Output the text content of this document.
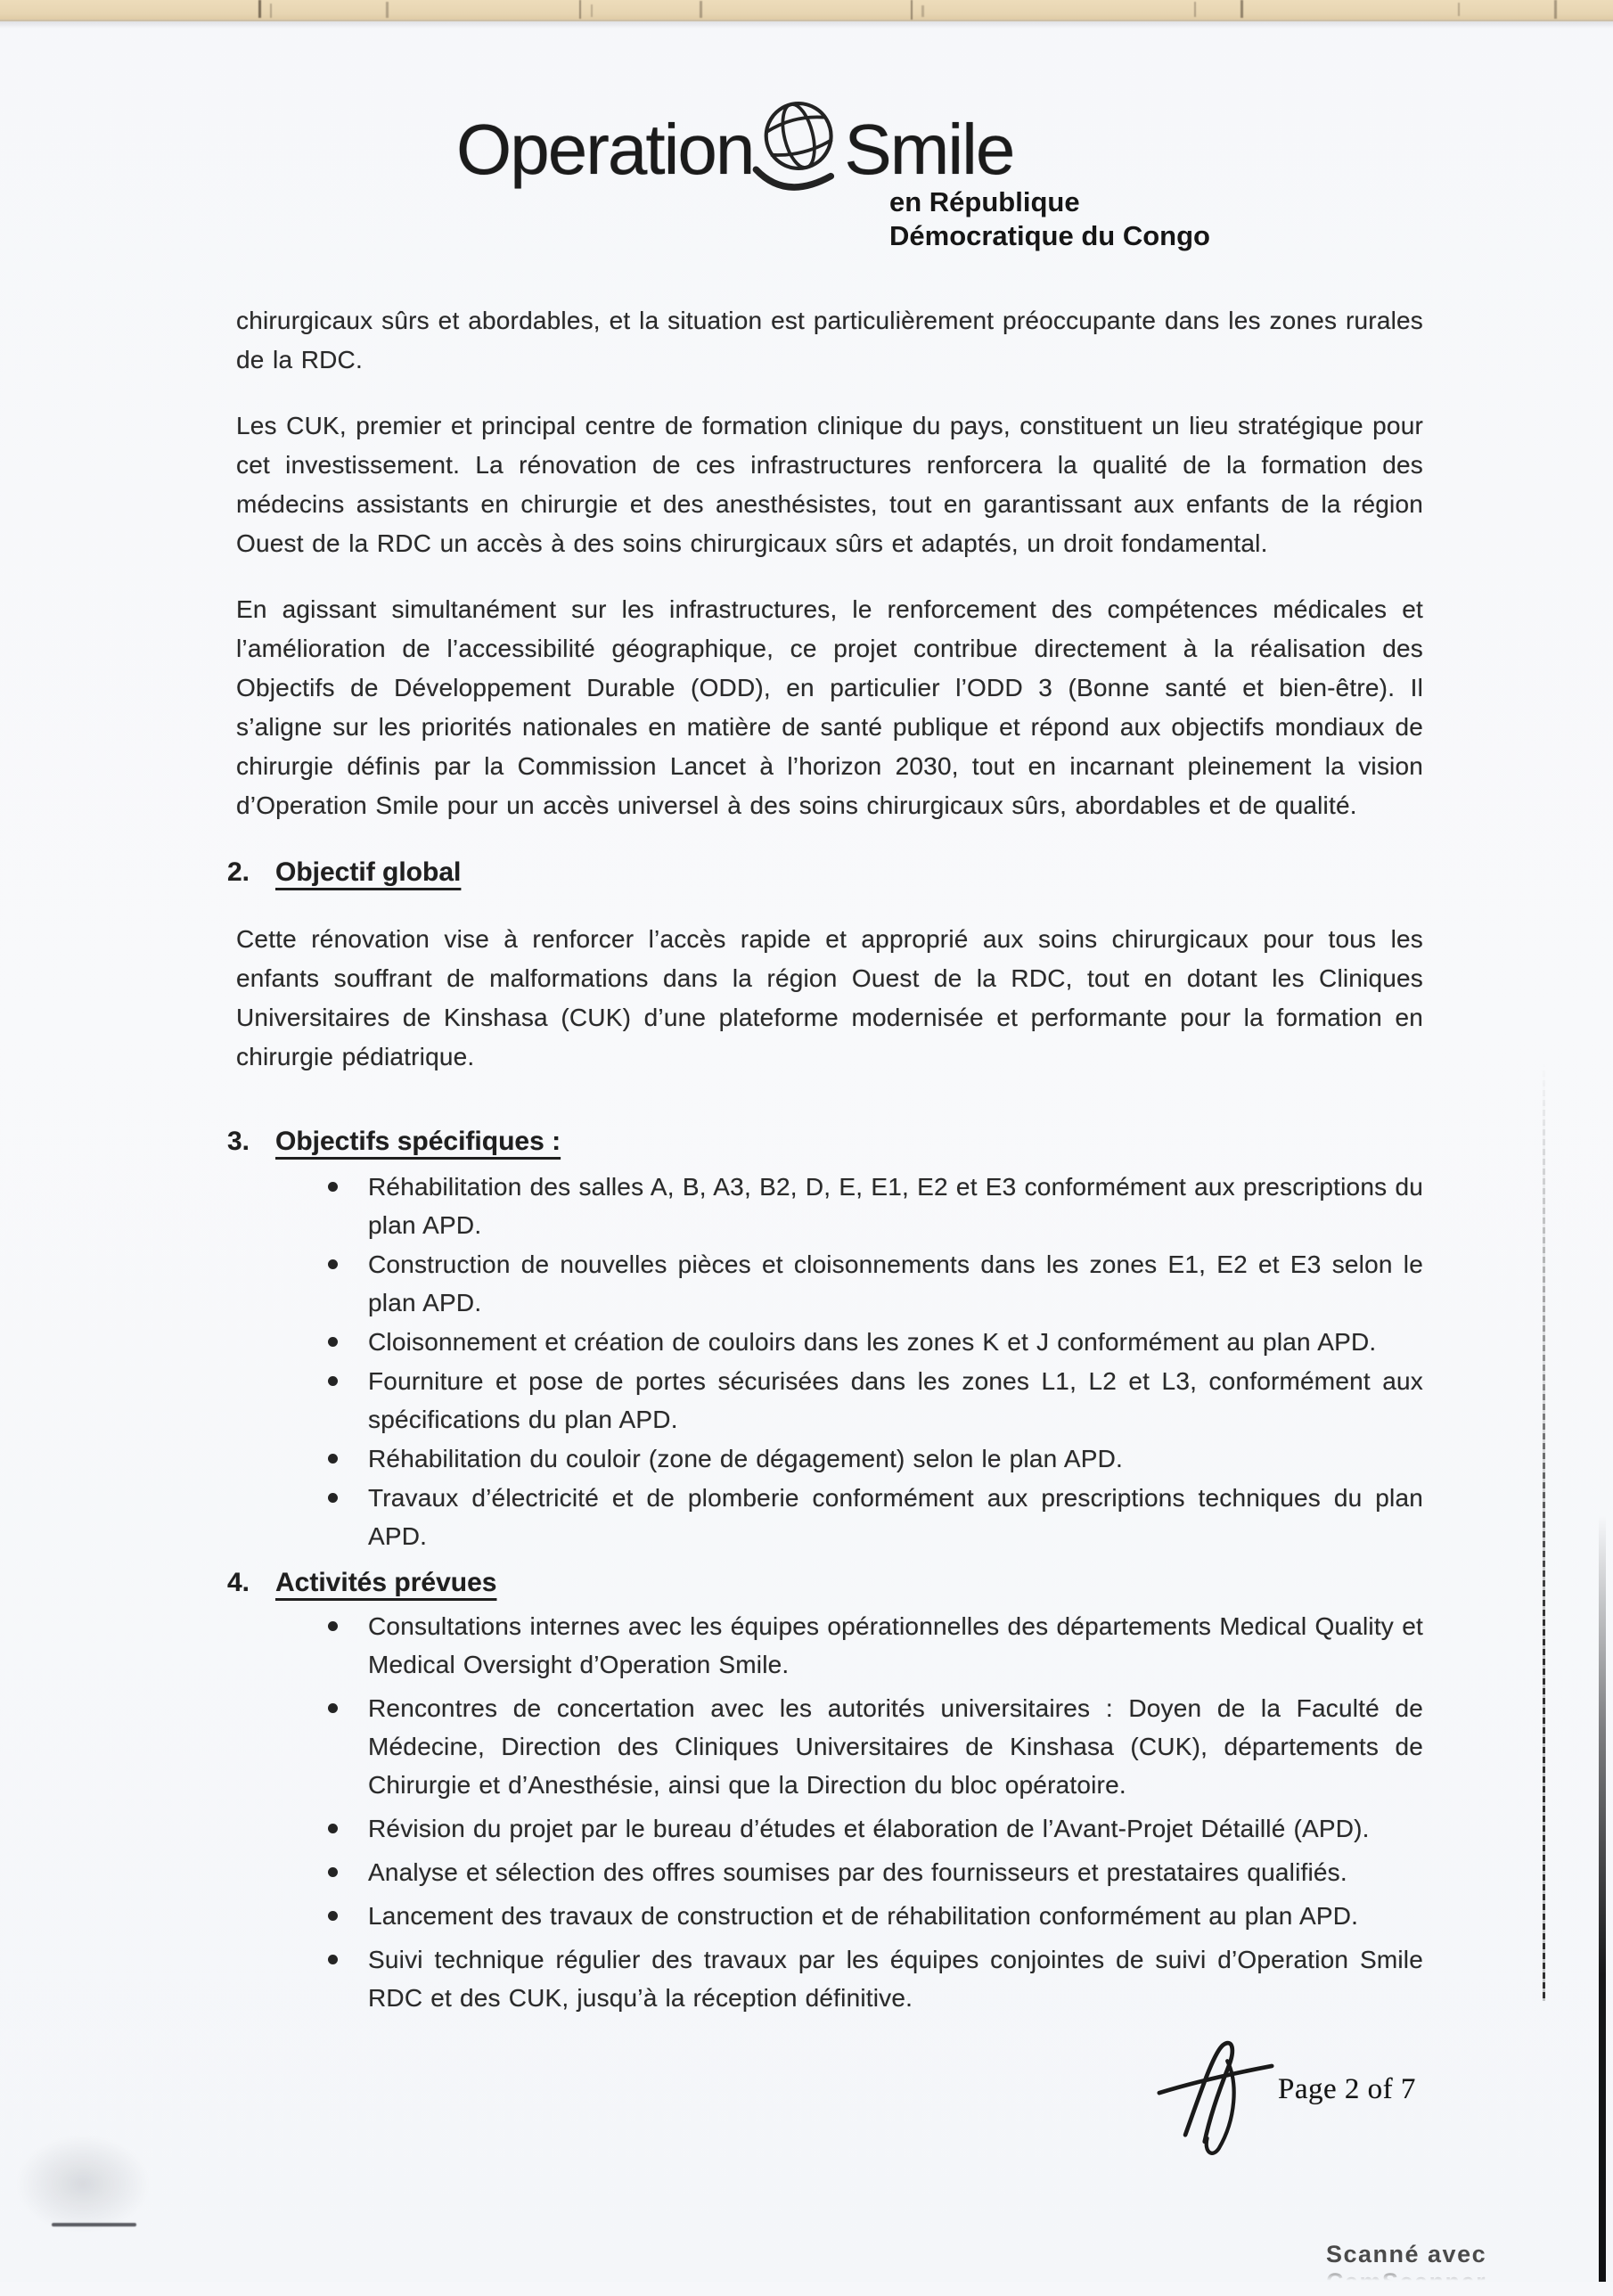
Operation Smile
en République
Démocratique du Congo

chirurgicaux sûrs et abordables, et la situation est particulièrement préoccupante dans les zones rurales de la RDC.

Les CUK, premier et principal centre de formation clinique du pays, constituent un lieu stratégique pour cet investissement. La rénovation de ces infrastructures renforcera la qualité de la formation des médecins assistants en chirurgie et des anesthésistes, tout en garantissant aux enfants de la région Ouest de la RDC un accès à des soins chirurgicaux sûrs et adaptés, un droit fondamental.

En agissant simultanément sur les infrastructures, le renforcement des compétences médicales et l’amélioration de l’accessibilité géographique, ce projet contribue directement à la réalisation des Objectifs de Développement Durable (ODD), en particulier l’ODD 3 (Bonne santé et bien-être). Il s’aligne sur les priorités nationales en matière de santé publique et répond aux objectifs mondiaux de chirurgie définis par la Commission Lancet à l’horizon 2030, tout en incarnant pleinement la vision d’Operation Smile pour un accès universel à des soins chirurgicaux sûrs, abordables et de qualité.

2. Objectif global

Cette rénovation vise à renforcer l’accès rapide et approprié aux soins chirurgicaux pour tous les enfants souffrant de malformations dans la région Ouest de la RDC, tout en dotant les Cliniques Universitaires de Kinshasa (CUK) d’une plateforme modernisée et performante pour la formation en chirurgie pédiatrique.

3. Objectifs spécifiques :
Réhabilitation des salles A, B, A3, B2, D, E, E1, E2 et E3 conformément aux prescriptions du plan APD.
Construction de nouvelles pièces et cloisonnements dans les zones E1, E2 et E3 selon le plan APD.
Cloisonnement et création de couloirs dans les zones K et J conformément au plan APD.
Fourniture et pose de portes sécurisées dans les zones L1, L2 et L3, conformément aux spécifications du plan APD.
Réhabilitation du couloir (zone de dégagement) selon le plan APD.
Travaux d’électricité et de plomberie conformément aux prescriptions techniques du plan APD.
4. Activités prévues
Consultations internes avec les équipes opérationnelles des départements Medical Quality et Medical Oversight d’Operation Smile.
Rencontres de concertation avec les autorités universitaires : Doyen de la Faculté de Médecine, Direction des Cliniques Universitaires de Kinshasa (CUK), départements de Chirurgie et d’Anesthésie, ainsi que la Direction du bloc opératoire.
Révision du projet par le bureau d’études et élaboration de l’Avant-Projet Détaillé (APD).
Analyse et sélection des offres soumises par des fournisseurs et prestataires qualifiés.
Lancement des travaux de construction et de réhabilitation conformément au plan APD.
Suivi technique régulier des travaux par les équipes conjointes de suivi d’Operation Smile RDC et des CUK, jusqu’à la réception définitive.
Page 2 of 7
Scanné avec CamScanner
